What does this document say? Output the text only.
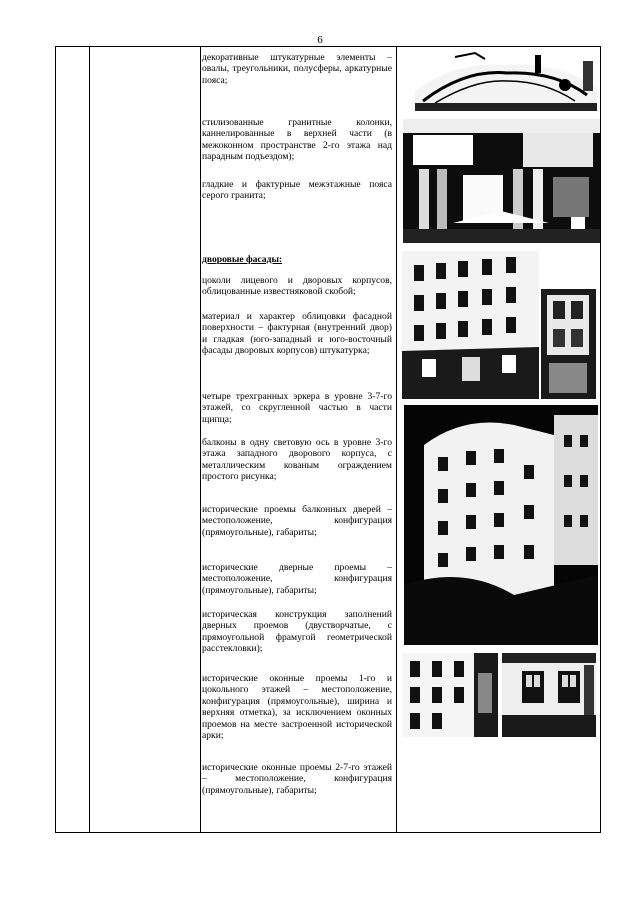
6
декоративные штукатурные элементы – овалы, треугольники, полусферы, аркатурные пояса;
стилизованные гранитные колонки, каннелированные в верхней части (в межоконном пространстве 2-го этажа над парадным подъездом);
гладкие и фактурные межэтажные пояса серого гранита;
дворовые фасады:
цоколи лицевого и дворовых корпусов, облицованные известняковой скобой;
материал и характер облицовки фасадной поверхности – фактурная (внутренний двор) и гладкая (юго-западный и юго-восточный фасады дворовых корпусов) штукатурка;
четыре трехгранных эркера в уровне 3-7-го этажей, со скругленной частью в части щипца;
балконы в одну световую ось в уровне 3-го этажа западного дворового корпуса, с металлическим кованым ограждением простого рисунка;
исторические проемы балконных дверей – местоположение, конфигурация (прямоугольные), габариты;
исторические дверные проемы – местоположение, конфигурация (прямоугольные), габариты;
историческая конструкция заполнений дверных проемов (двустворчатые, с прямоугольной фрамугой геометрической расстекловки);
исторические оконные проемы 1-го и цокольного этажей – местоположение, конфигурация (прямоугольные), ширина и верхняя отметка), за исключением оконных проемов на месте застроенной исторической арки;
исторические оконные проемы 2-7-го этажей – местоположение, конфигурация (прямоугольные), габариты;
